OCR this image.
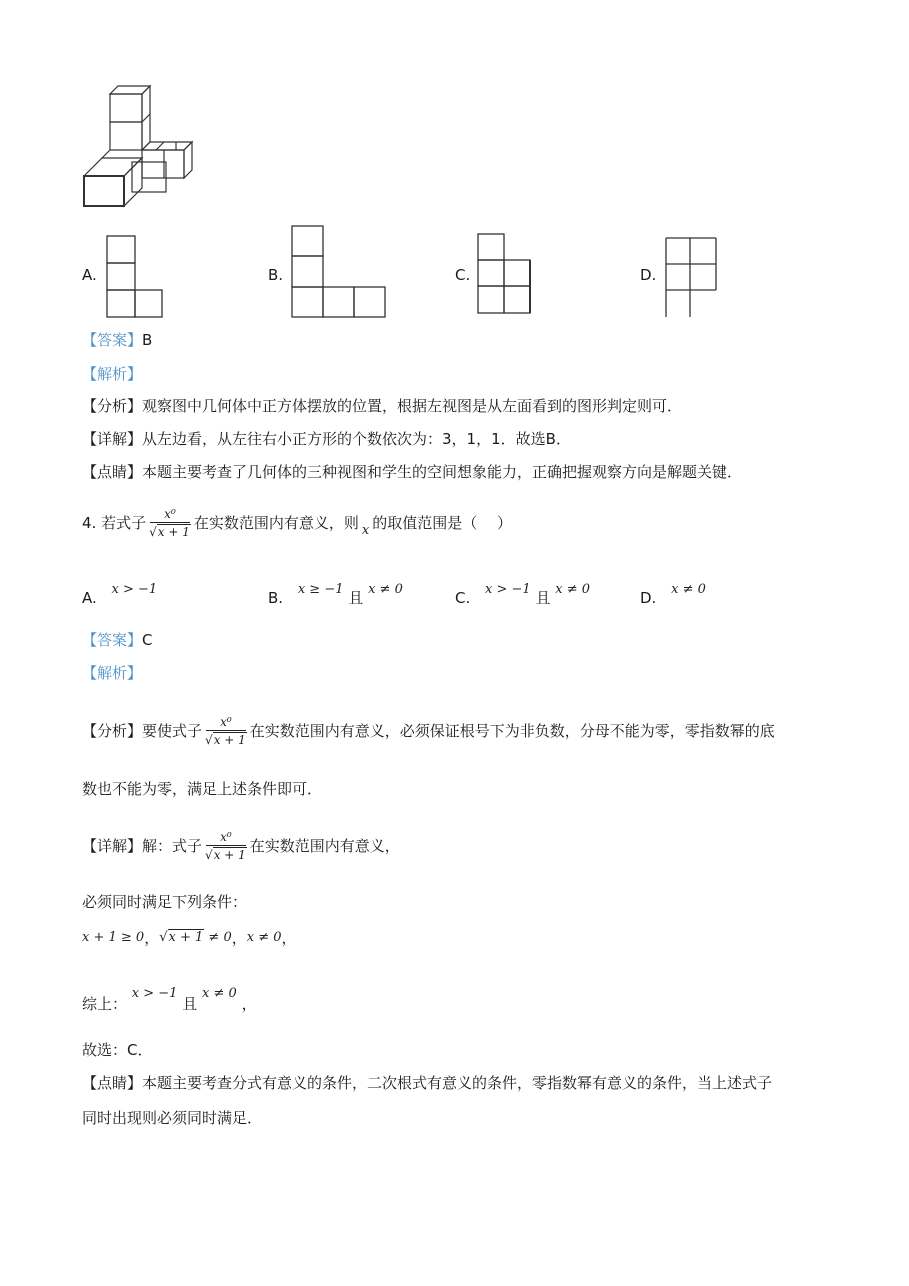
A.	B.	C.	D.
【答案】B
【解析】
【分析】观察图中几何体中正方体摆放的位置，根据左视图是从左面看到的图形判定则可．
【详解】从左边看，从左往右小正方形的个数依次为：3，1，1．故选B．
【点睛】本题主要考查了几何体的三种视图和学生的空间想象能力，正确把握观察方向是解题关键．
4. 若式子 $\frac{\text{x⁰}}{√x + 1}$ 在实数范围内有意义，则 x 的取值范围是（　 ）
A. x > −1	B. x ≥ −1 且 x ≠ 0	C. x > −1 且 x ≠ 0	D. x ≠ 0
【答案】C
【解析】
【分析】 要使式子 $\frac{\text{x⁰}}{√x + 1}$ 在实数范围内有意义，必须保证根号下为非负数，分母不能为零，零指数幂的底
数也不能为零，满足上述条件即可．
【详解】 解：式子 $\frac{\text{x⁰}}{√x + 1}$ 在实数范围内有意义，
必须同时满足下列条件：
x + 1 ≥ 0 ， √x + 1 ≠ 0 ， x ≠ 0 ，
综上： x > −1 且 x ≠ 0 ，
故选：C．
【点睛】本题主要考查分式有意义的条件，二次根式有意义的条件，零指数幂有意义的条件，当上述式子
同时出现则必须同时满足．
